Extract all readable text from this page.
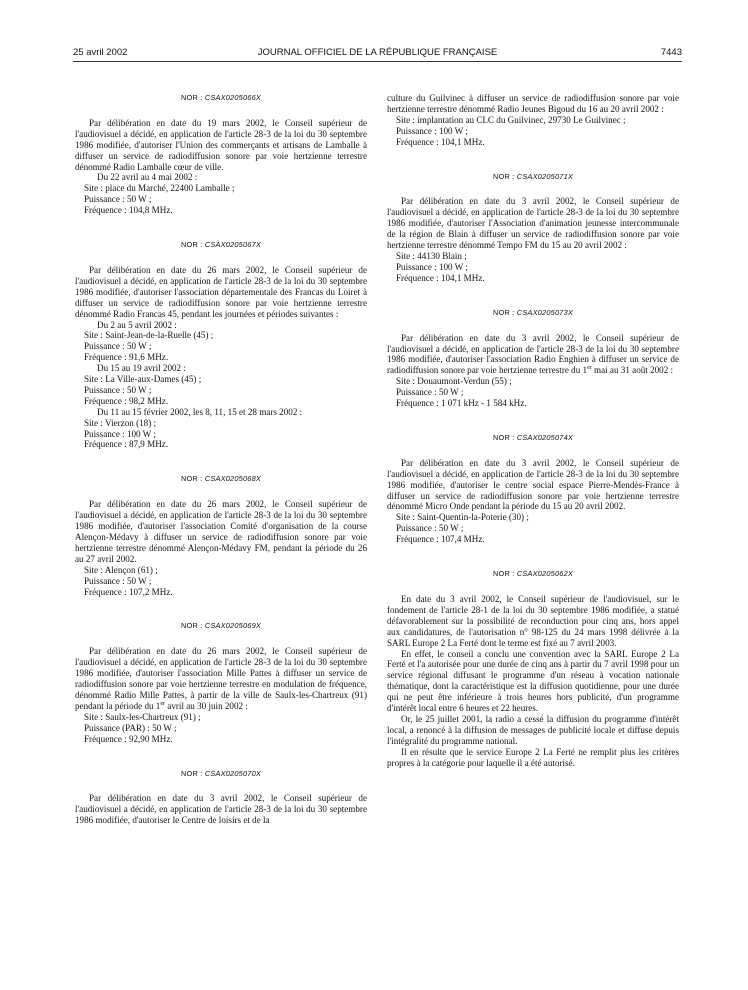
25 avril 2002	JOURNAL OFFICIEL DE LA RÉPUBLIQUE FRANÇAISE	7443

NOR : CSAX0205066X

Par délibération en date du 19 mars 2002, le Conseil supérieur de l'audiovisuel a décidé, en application de l'article 28-3 de la loi du 30 septembre 1986 modifiée, d'autoriser l'Union des commerçants et artisans de Lamballe à diffuser un service de radiodiffusion sonore par voie hertzienne terrestre dénommé Radio Lamballe cœur de ville.

Du 22 avril au 4 mai 2002 :

Site : place du Marché, 22400 Lamballe ;

Puissance : 50 W ;

Fréquence : 104,8 MHz.

NOR : CSAX0205067X

Par délibération en date du 26 mars 2002, le Conseil supérieur de l'audiovisuel a décidé, en application de l'article 28-3 de la loi du 30 septembre 1986 modifiée, d'autoriser l'association départementale des Francas du Loiret à diffuser un service de radiodiffusion sonore par voie hertzienne terrestre dénommé Radio Francas 45, pendant les journées et périodes suivantes :

Du 2 au 5 avril 2002 :

Site : Saint-Jean-de-la-Ruelle (45) ;

Puissance : 50 W ;

Fréquence : 91,6 MHz.

Du 15 au 19 avril 2002 :

Site : La Ville-aux-Dames (45) ;

Puissance : 50 W ;

Fréquence : 98,2 MHz.

Du 11 au 15 février 2002, les 8, 11, 15 et 28 mars 2002 :

Site : Vierzon (18) ;

Puissance : 100 W ;

Fréquence : 87,9 MHz.

NOR : CSAX0205068X

Par délibération en date du 26 mars 2002, le Conseil supérieur de l'audiovisuel a décidé, en application de l'article 28-3 de la loi du 30 septembre 1986 modifiée, d'autoriser l'association Comité d'organisation de la course Alençon-Médavy à diffuser un service de radiodiffusion sonore par voie hertzienne terrestre dénommé Alençon-Médavy FM, pendant la période du 26 au 27 avril 2002.

Site : Alençon (61) ;

Puissance : 50 W ;

Fréquence : 107,2 MHz.

NOR : CSAX0205069X

Par délibération en date du 26 mars 2002, le Conseil supérieur de l'audiovisuel a décidé, en application de l'article 28-3 de la loi du 30 septembre 1986 modifiée, d'autoriser l'association Mille Pattes à diffuser un service de radiodiffusion sonore par voie hertzienne terrestre en modulation de fréquence, dénommé Radio Mille Pattes, à partir de la ville de Saulx-les-Chartreux (91) pendant la période du 1er avril au 30 juin 2002 :

Site : Saulx-les-Chartreux (91) ;

Puissance (PAR) : 50 W ;

Fréquence : 92,90 MHz.

NOR : CSAX0205070X

Par délibération en date du 3 avril 2002, le Conseil supérieur de l'audiovisuel a décidé, en application de l'article 28-3 de la loi du 30 septembre 1986 modifiée, d'autoriser le Centre de loisirs et de la

culture du Guilvinec à diffuser un service de radiodiffusion sonore par voie hertzienne terrestre dénommé Radio Jeunes Bigoud du 16 au 20 avril 2002 :

Site : implantation au CLC du Guilvinec, 29730 Le Guilvinec ;

Puissance : 100 W ;

Fréquence : 104,1 MHz.

NOR : CSAX0205071X

Par délibération en date du 3 avril 2002, le Conseil supérieur de l'audiovisuel a décidé, en application de l'article 28-3 de la loi du 30 septembre 1986 modifiée, d'autoriser l'Association d'animation jeunesse intercommunale de la région de Blain à diffuser un service de radiodiffusion sonore par voie hertzienne terrestre dénommé Tempo FM du 15 au 20 avril 2002 :

Site : 44130 Blain ;

Puissance : 100 W ;

Fréquence : 104,1 MHz.

NOR : CSAX0205073X

Par délibération en date du 3 avril 2002, le Conseil supérieur de l'audiovisuel a décidé, en application de l'article 28-3 de la loi du 30 septembre 1986 modifiée, d'autoriser l'association Radio Enghien à diffuser un service de radiodiffusion sonore par voie hertzienne terrestre du 1er mai au 31 août 2002 :

Site : Douaumont-Verdun (55) ;

Puissance : 50 W ;

Fréquence : 1 071 kHz - 1 584 kHz.

NOR : CSAX0205074X

Par délibération en date du 3 avril 2002, le Conseil supérieur de l'audiovisuel a décidé, en application de l'article 28-3 de la loi du 30 septembre 1986 modifiée, d'autoriser le centre social espace Pierre-Mendès-France à diffuser un service de radiodiffusion sonore par voie hertzienne terrestre dénommé Micro Onde pendant la période du 15 au 20 avril 2002.

Site : Saint-Quentin-la-Poterie (30) ;

Puissance : 50 W ;

Fréquence : 107,4 MHz.

NOR : CSAX0205062X

En date du 3 avril 2002, le Conseil supérieur de l'audiovisuel, sur le fondement de l'article 28-1 de la loi du 30 septembre 1986 modifiée, a statué défavorablement sur la possibilité de reconduction pour cinq ans, hors appel aux candidatures, de l'autorisation n° 98-125 du 24 mars 1998 délivrée à la SARL Europe 2 La Ferté dont le terme est fixé au 7 avril 2003.

En effet, le conseil a conclu une convention avec la SARL Europe 2 La Ferté et l'a autorisée pour une durée de cinq ans à partir du 7 avril 1998 pour un service régional diffusant le programme d'un réseau à vocation nationale thématique, dont la caractéristique est la diffusion quotidienne, pour une durée qui ne peut être inférieure à trois heures hors publicité, d'un programme d'intérêt local entre 6 heures et 22 heures.

Or, le 25 juillet 2001, la radio a cessé la diffusion du programme d'intérêt local, a renoncé à la diffusion de messages de publicité locale et diffuse depuis l'intégralité du programme national.

Il en résulte que le service Europe 2 La Ferté ne remplit plus les critères propres à la catégorie pour laquelle il a été autorisé.
